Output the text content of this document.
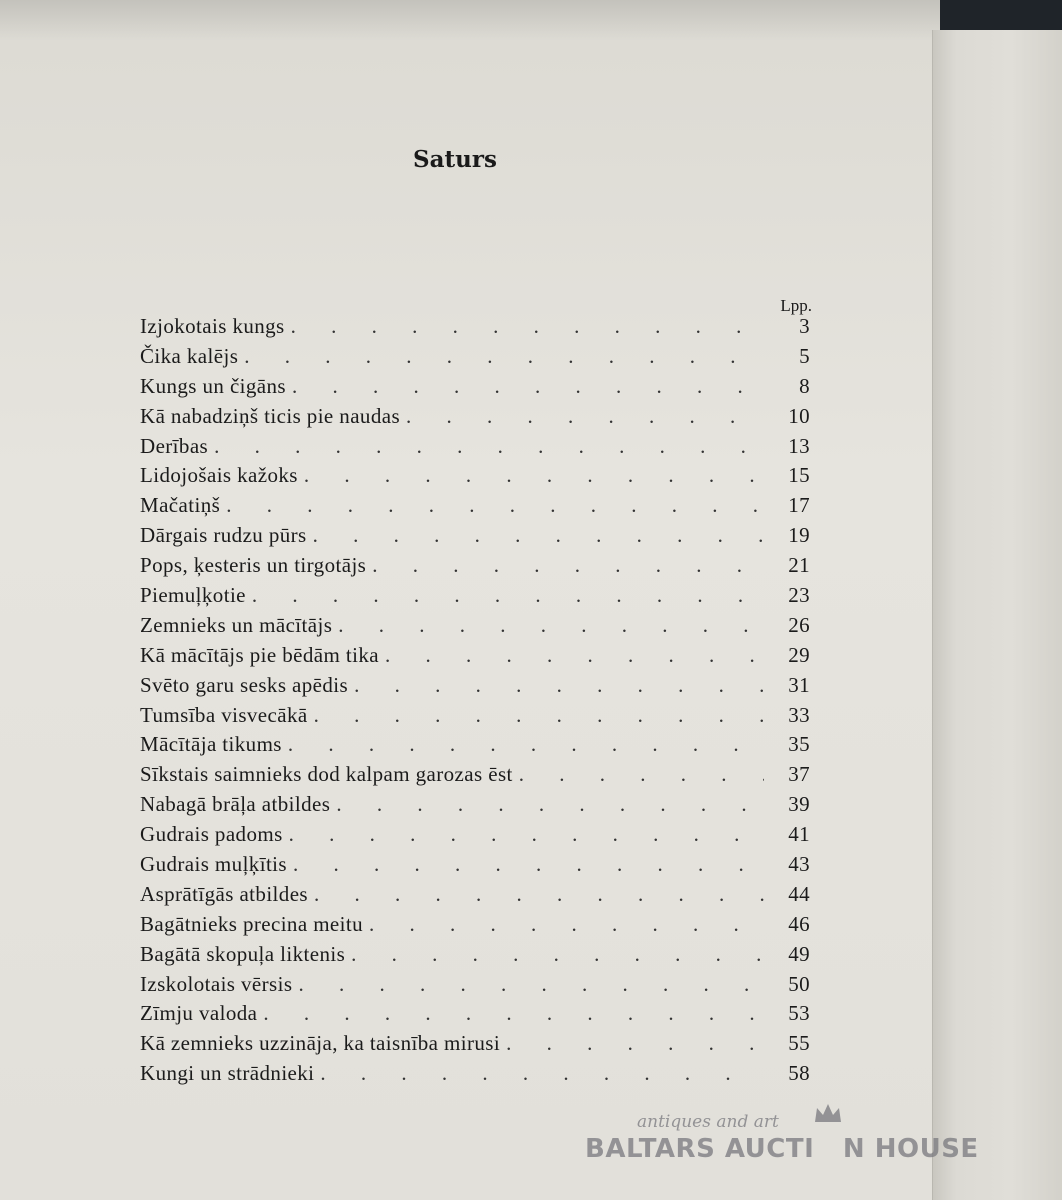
Saturs
Lpp.
Izjokotais kungs . . .	3
Čika kalējs . . .	5
Kungs un čigāns . . .	8
Kā nabadziņš ticis pie naudas . . .	10
Derības . . .	13
Lidojošais kažoks . . .	15
Mačatiņš . . .	17
Dārgais rudzu pūrs . . .	19
Pops, ķesteris un tirgotājs . . .	21
Piemuļķotie . . .	23
Zemnieks un mācītājs . . .	26
Kā mācītājs pie bēdām tika . . .	29
Svēto garu sesks apēdis . . .	31
Tumsība visvecākā . . .	33
Mācītāja tikums . . .	35
Sīkstais saimnieks dod kalpam garozas ēst . . .	37
Nabagā brāļa atbildes . . .	39
Gudrais padoms . . .	41
Gudrais muļķītis . . .	43
Asprātīgās atbildes . . .	44
Bagātnieks precina meitu . . .	46
Bagātā skopuļa liktenis . . .	49
Izskolotais vērsis . . .	50
Zīmju valoda . . .	53
Kā zemnieks uzzināja, ka taisnība mirusi . . .	55
Kungi un strādnieki . . .	58
antiques and art
BALTARS AUCTI   N HOUSE
